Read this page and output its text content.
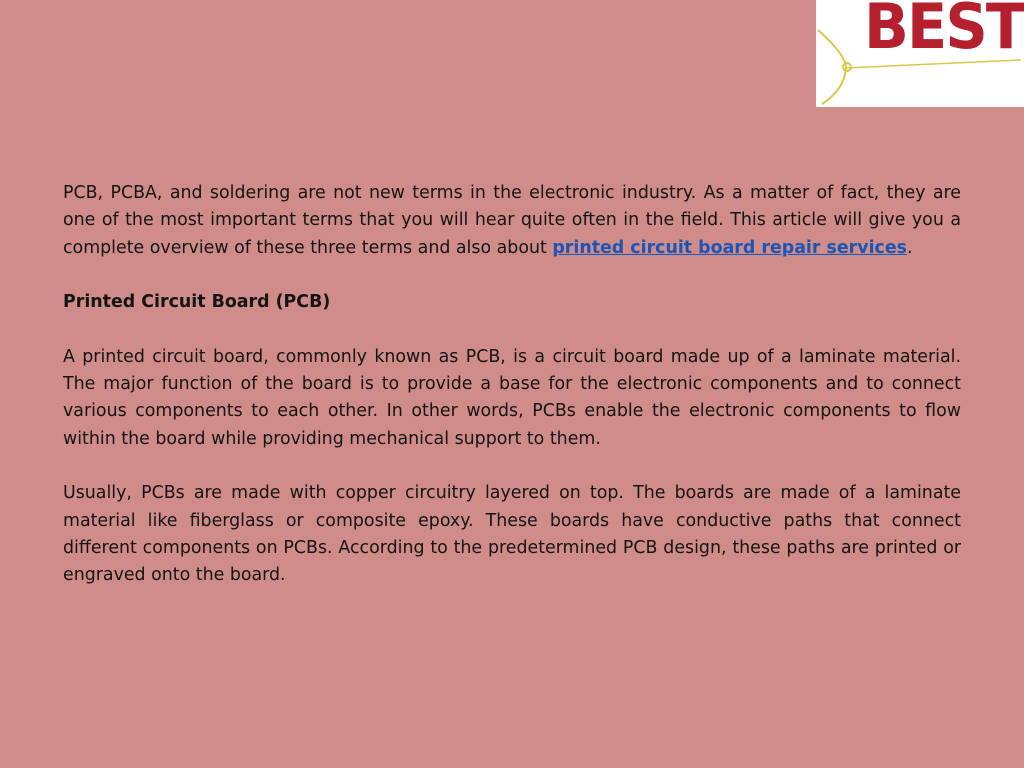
BEST

PCB, PCBA, and soldering are not new terms in the electronic industry. As a matter of fact, they are one of the most important terms that you will hear quite often in the field. This article will give you a complete overview of these three terms and also about printed circuit board repair services.

Printed Circuit Board (PCB)

A printed circuit board, commonly known as PCB, is a circuit board made up of a laminate material. The major function of the board is to provide a base for the electronic components and to connect various components to each other. In other words, PCBs enable the electronic components to flow within the board while providing mechanical support to them.

Usually, PCBs are made with copper circuitry layered on top. The boards are made of a laminate material like fiberglass or composite epoxy. These boards have conductive paths that connect different components on PCBs. According to the predetermined PCB design, these paths are printed or engraved onto the board.
